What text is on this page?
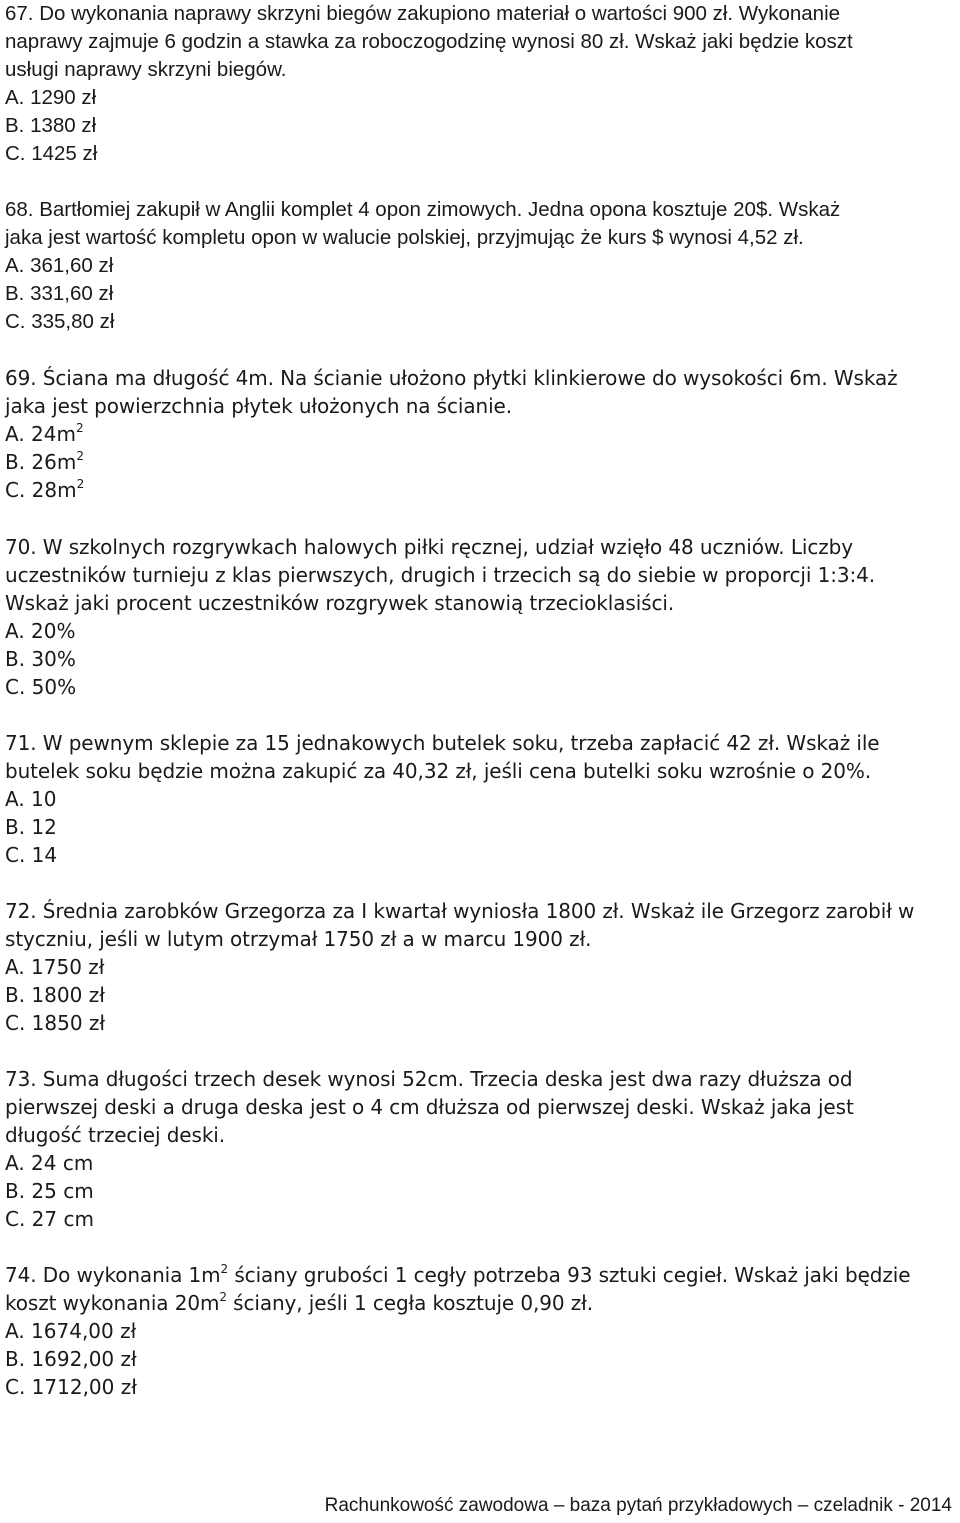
67. Do wykonania naprawy skrzyni biegów zakupiono materiał o wartości 900 zł. Wykonanie
naprawy zajmuje 6 godzin a stawka za roboczogodzinę wynosi 80 zł. Wskaż jaki będzie koszt
usługi naprawy skrzyni biegów.
A. 1290 zł
B. 1380 zł
C. 1425 zł
68. Bartłomiej zakupił w Anglii komplet 4 opon zimowych. Jedna opona kosztuje 20$. Wskaż
jaka jest wartość kompletu opon w walucie polskiej, przyjmując że kurs $ wynosi 4,52 zł.
A. 361,60 zł
B. 331,60 zł
C. 335,80 zł
69. Ściana ma długość 4m. Na ścianie ułożono płytki klinkierowe do wysokości 6m. Wskaż
jaka jest powierzchnia płytek ułożonych na ścianie.
A. $24m^2$
B. $26m^2$
C. $28m^2$
70. W szkolnych rozgrywkach halowych piłki ręcznej, udział wzięło 48 uczniów. Liczby
uczestników turnieju z klas pierwszych, drugich i trzecich są do siebie w proporcji 1:3:4.
Wskaż jaki procent uczestników rozgrywek stanowią trzecioklasiści.
A. 20%
B. 30%
C. 50%
71. W pewnym sklepie za 15 jednakowych butelek soku, trzeba zapłacić 42 zł. Wskaż ile
butelek soku będzie można zakupić za 40,32 zł, jeśli cena butelki soku wzrośnie o 20%.
A. 10
B. 12
C. 14
72. Średnia zarobków Grzegorza za I kwartał wyniosła 1800 zł. Wskaż ile Grzegorz zarobił w
styczniu, jeśli w lutym otrzymał 1750 zł a w marcu 1900 zł.
A. 1750 zł
B. 1800 zł
C. 1850 zł
73. Suma długości trzech desek wynosi 52cm. Trzecia deska jest dwa razy dłuższa od
pierwszej deski a druga deska jest o 4 cm dłuższa od pierwszej deski. Wskaż jaka jest
długość trzeciej deski.
A. 24 cm
B. 25 cm
C. 27 cm
74. Do wykonania $1m^2$ ściany grubości 1 cegły potrzeba 93 sztuki cegieł. Wskaż jaki będzie
koszt wykonania $20m^2$ ściany, jeśli 1 cegła kosztuje 0,90 zł.
A. 1674,00 zł
B. 1692,00 zł
C. 1712,00 zł
Rachunkowość zawodowa – baza pytań przykładowych – czeladnik - 2014
